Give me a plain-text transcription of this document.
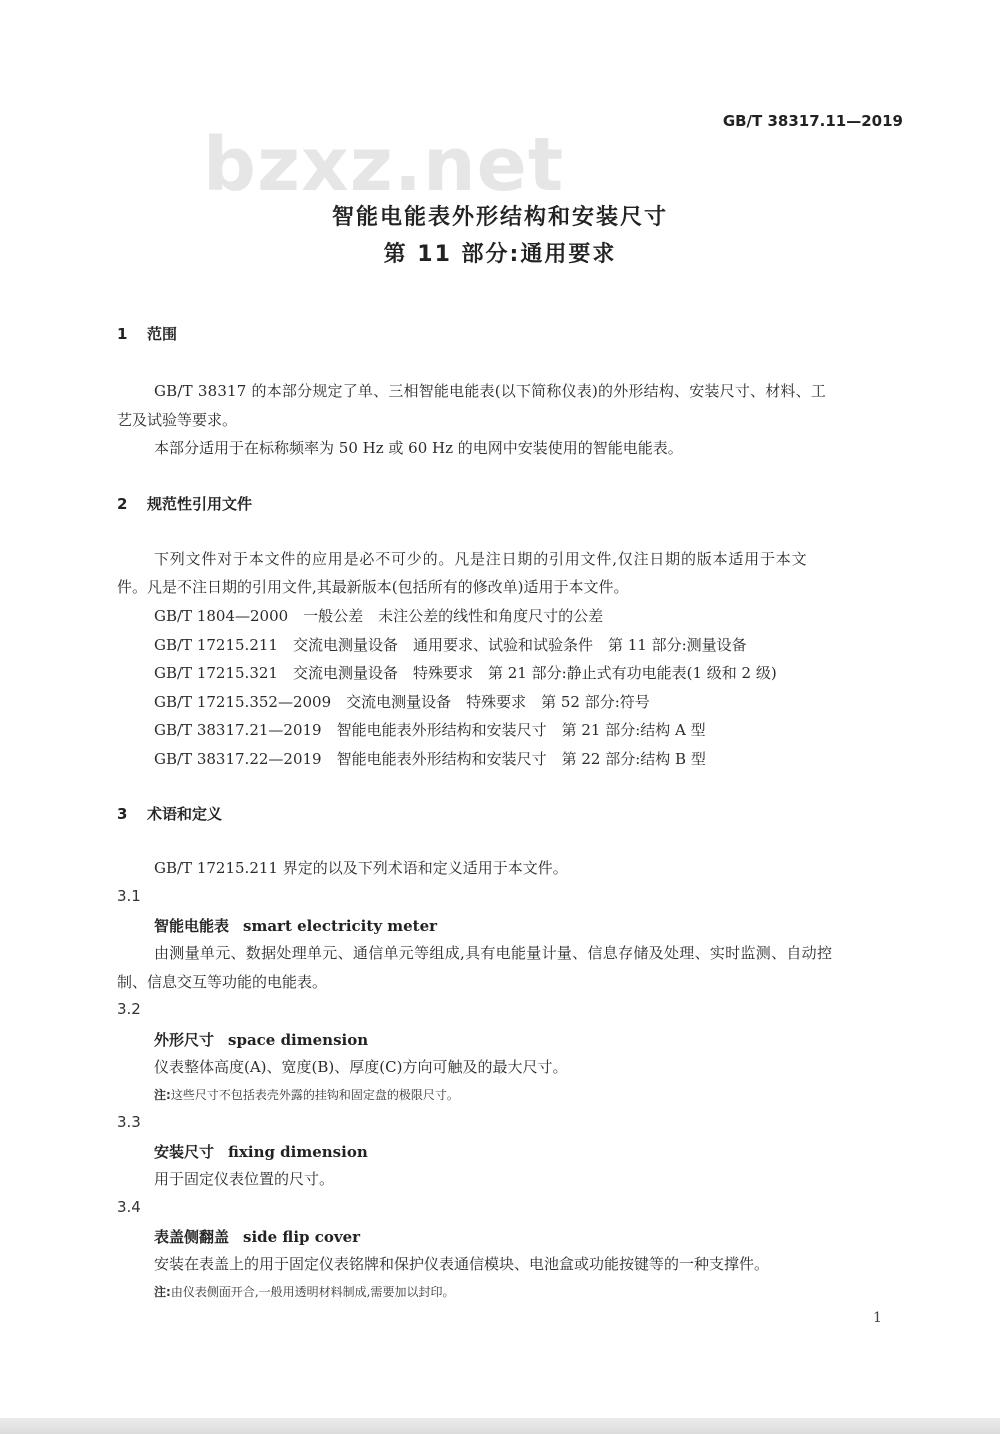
bzxz.net
GB/T 38317.11—2019
智能电能表外形结构和安装尺寸
第 11 部分:通用要求
1 范围
GB/T 38317 的本部分规定了单、三相智能电能表(以下简称仪表)的外形结构、安装尺寸、材料、工
艺及试验等要求。
本部分适用于在标称频率为 50 Hz 或 60 Hz 的电网中安装使用的智能电能表。
2 规范性引用文件
下列文件对于本文件的应用是必不可少的。凡是注日期的引用文件,仅注日期的版本适用于本文
件。凡是不注日期的引用文件,其最新版本(包括所有的修改单)适用于本文件。
GB/T 1804—2000　一般公差　未注公差的线性和角度尺寸的公差
GB/T 17215.211　交流电测量设备　通用要求、试验和试验条件　第 11 部分:测量设备
GB/T 17215.321　交流电测量设备　特殊要求　第 21 部分:静止式有功电能表(1 级和 2 级)
GB/T 17215.352—2009　交流电测量设备　特殊要求　第 52 部分:符号
GB/T 38317.21—2019　智能电能表外形结构和安装尺寸　第 21 部分:结构 A 型
GB/T 38317.22—2019　智能电能表外形结构和安装尺寸　第 22 部分:结构 B 型
3 术语和定义
GB/T 17215.211 界定的以及下列术语和定义适用于本文件。
3.1
智能电能表 smart electricity meter
由测量单元、数据处理单元、通信单元等组成,具有电能量计量、信息存储及处理、实时监测、自动控
制、信息交互等功能的电能表。
3.2
外形尺寸 space dimension
仪表整体高度(A)、宽度(B)、厚度(C)方向可触及的最大尺寸。
注:这些尺寸不包括表壳外露的挂钩和固定盘的极限尺寸。
3.3
安装尺寸 fixing dimension
用于固定仪表位置的尺寸。
3.4
表盖侧翻盖 side flip cover
安装在表盖上的用于固定仪表铭牌和保护仪表通信模块、电池盒或功能按键等的一种支撑件。
注:由仪表侧面开合,一般用透明材料制成,需要加以封印。
1
